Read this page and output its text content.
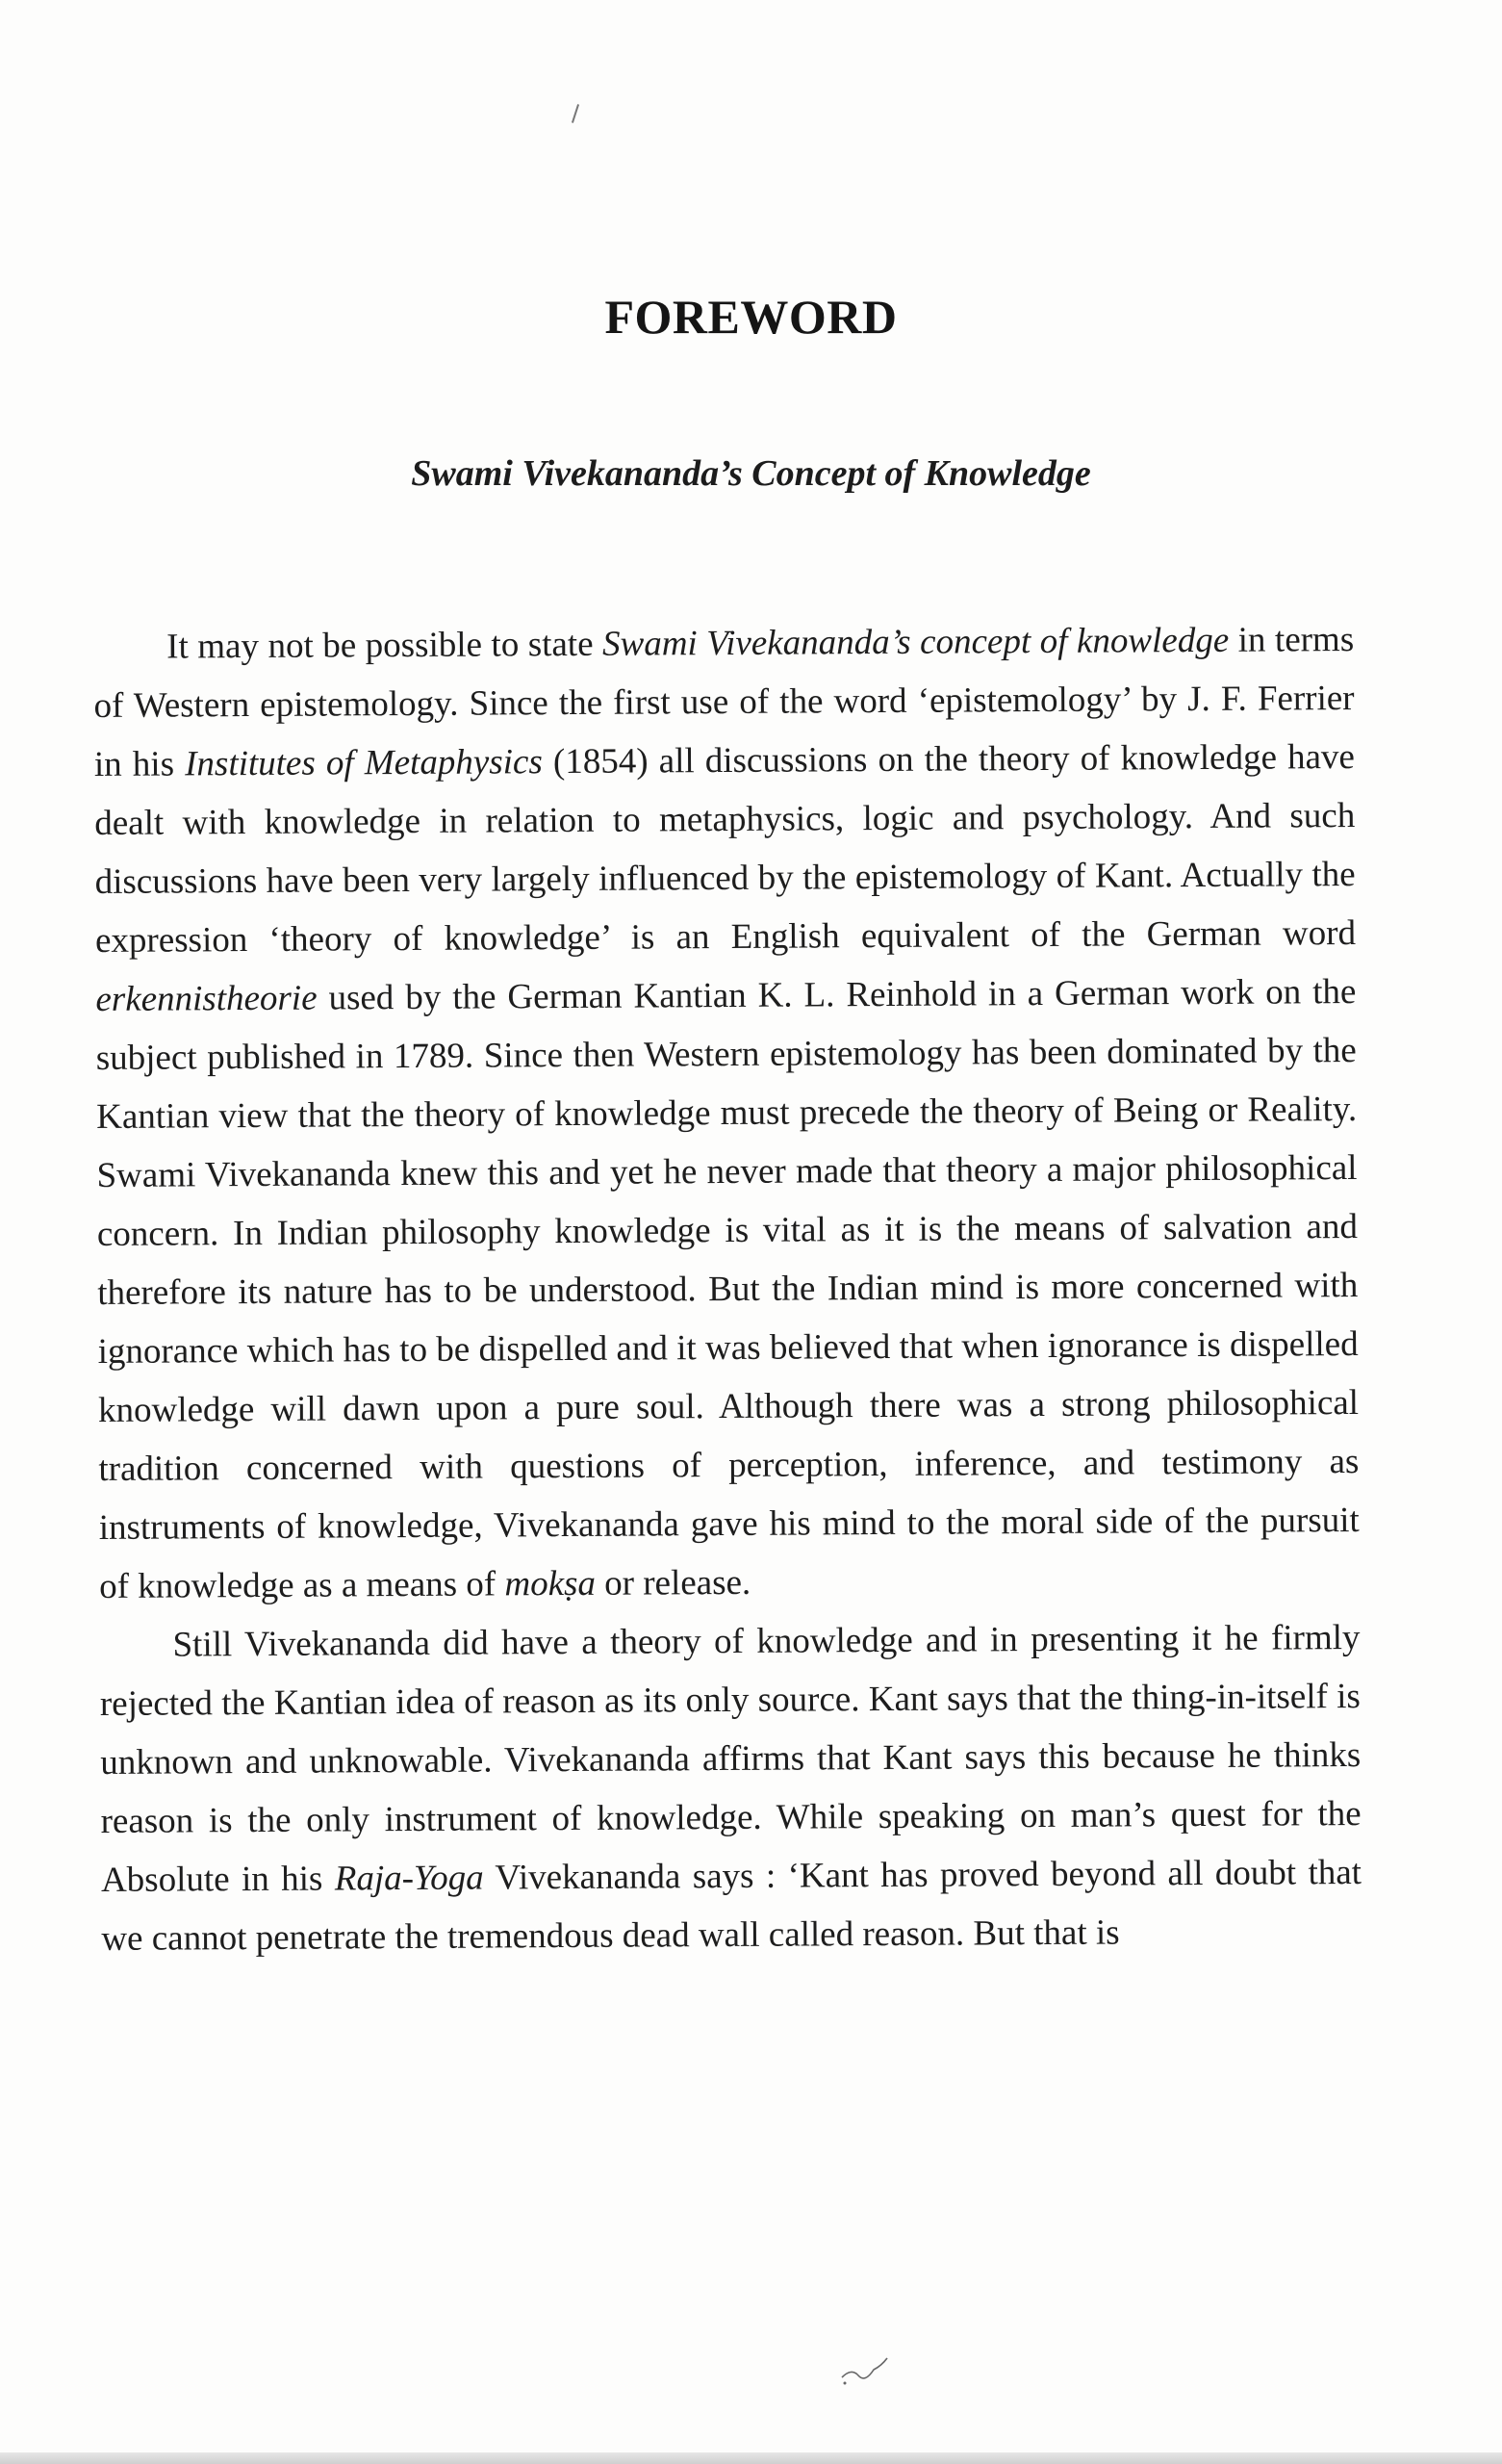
FOREWORD
Swami Vivekananda’s Concept of Knowledge

It may not be possible to state Swami Vivekananda’s concept of knowledge in terms of Western epistemology. Since the first use of the word ‘epistemology’ by J. F. Ferrier in his Institutes of Metaphysics (1854) all discussions on the theory of knowledge have dealt with knowledge in relation to metaphysics, logic and psychology. And such discussions have been very largely influenced by the epistemology of Kant. Actually the expression ‘theory of knowledge’ is an English equivalent of the German word erkennistheorie used by the German Kantian K. L. Reinhold in a German work on the subject published in 1789. Since then Western epistemology has been dominated by the Kantian view that the theory of knowledge must precede the theory of Being or Reality. Swami Vivekananda knew this and yet he never made that theory a major philosophical concern. In Indian philosophy knowledge is vital as it is the means of salvation and therefore its nature has to be understood. But the Indian mind is more concerned with ignorance which has to be dispelled and it was believed that when ignorance is dispelled knowledge will dawn upon a pure soul. Although there was a strong philosophical tradition concerned with questions of perception, inference, and testimony as instruments of knowledge, Vivekananda gave his mind to the moral side of the pursuit of knowledge as a means of mokṣa or release.

Still Vivekananda did have a theory of knowledge and in presenting it he firmly rejected the Kantian idea of reason as its only source. Kant says that the thing-in-itself is unknown and unknowable. Vivekananda affirms that Kant says this because he thinks reason is the only instrument of knowledge. While speaking on man’s quest for the Absolute in his Raja-Yoga Vivekananda says : ‘Kant has proved beyond all doubt that we cannot penetrate the tremendous dead wall called reason. But that is
